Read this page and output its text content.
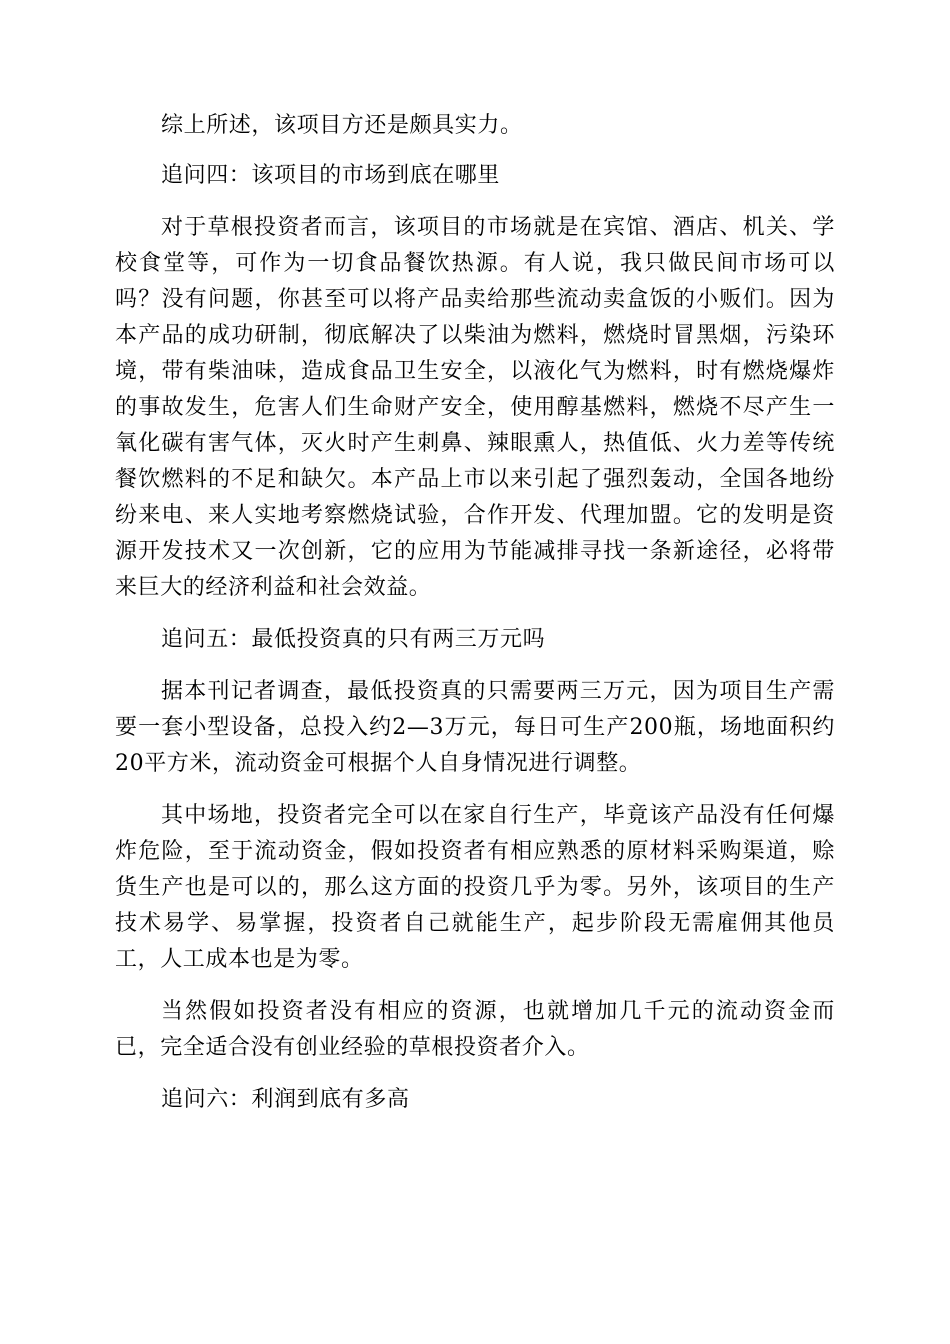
综上所述，该项目方还是颇具实力。

追问四：该项目的市场到底在哪里

对于草根投资者而言，该项目的市场就是在宾馆、酒店、机关、学校食堂等，可作为一切食品餐饮热源。有人说，我只做民间市场可以吗？没有问题，你甚至可以将产品卖给那些流动卖盒饭的小贩们。因为本产品的成功研制，彻底解决了以柴油为燃料，燃烧时冒黑烟，污染环境，带有柴油味，造成食品卫生安全，以液化气为燃料，时有燃烧爆炸的事故发生，危害人们生命财产安全，使用醇基燃料，燃烧不尽产生一氧化碳有害气体，灭火时产生刺鼻、辣眼熏人，热值低、火力差等传统餐饮燃料的不足和缺欠。本产品上市以来引起了强烈轰动，全国各地纷纷来电、来人实地考察燃烧试验，合作开发、代理加盟。它的发明是资源开发技术又一次创新，它的应用为节能减排寻找一条新途径，必将带来巨大的经济利益和社会效益。

追问五：最低投资真的只有两三万元吗

据本刊记者调查，最低投资真的只需要两三万元，因为项目生产需要一套小型设备，总投入约2—3万元，每日可生产200瓶，场地面积约20平方米，流动资金可根据个人自身情况进行调整。

其中场地，投资者完全可以在家自行生产，毕竟该产品没有任何爆炸危险，至于流动资金，假如投资者有相应熟悉的原材料采购渠道，赊货生产也是可以的，那么这方面的投资几乎为零。另外，该项目的生产技术易学、易掌握，投资者自己就能生产，起步阶段无需雇佣其他员工，人工成本也是为零。

当然假如投资者没有相应的资源，也就增加几千元的流动资金而已，完全适合没有创业经验的草根投资者介入。

追问六：利润到底有多高
